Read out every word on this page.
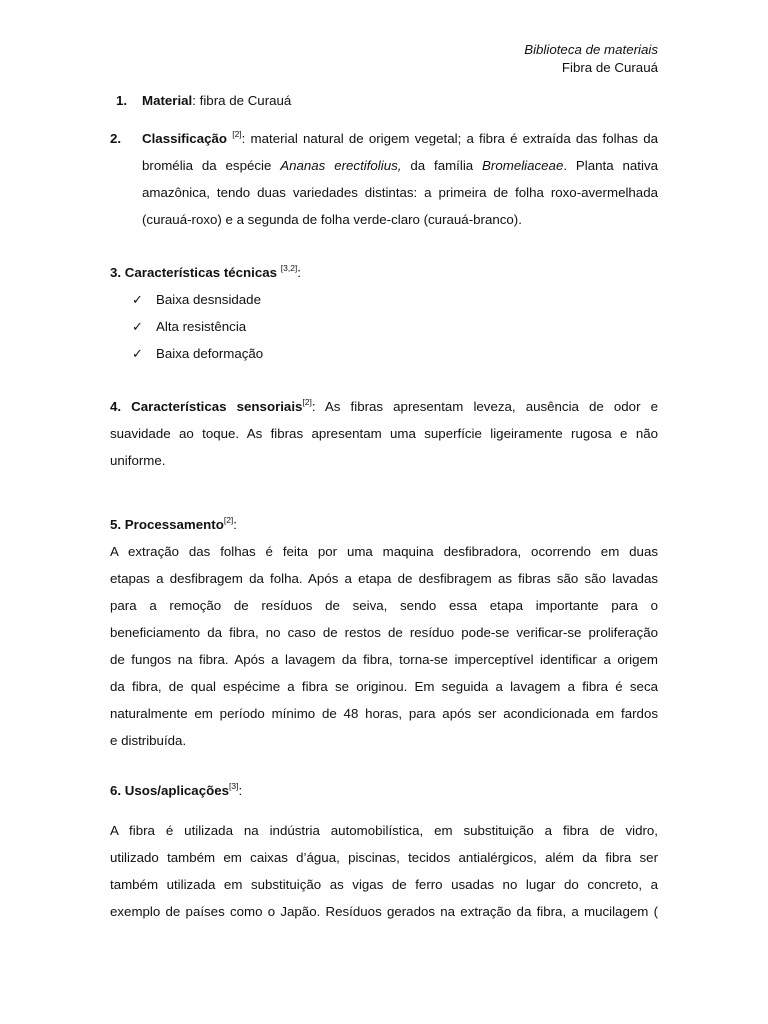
Biblioteca de materiais
Fibra de Curauá
1. Material: fibra de Curauá
2. Classificação [2]: material natural de origem vegetal; a fibra é extraída das folhas da
bromélia da espécie Ananas erectifolius, da família Bromeliaceae. Planta nativa
amazônica, tendo duas variedades distintas: a primeira de folha roxo-avermelhada
(curauá-roxo) e a segunda de folha verde-claro (curauá-branco).
3. Características técnicas [3,2]:
✓ Baixa desnsidade
✓ Alta resistência
✓ Baixa deformação
4. Características sensoriais[2]: As fibras apresentam leveza, ausência de odor e
suavidade ao toque. As fibras apresentam uma superfície ligeiramente rugosa e não
uniforme.
5. Processamento[2]:
A extração das folhas é feita por uma maquina desfibradora, ocorrendo em duas
etapas a desfibragem da folha. Após a etapa de desfibragem as fibras são são lavadas
para a remoção de resíduos de seiva, sendo essa etapa importante para o
beneficiamento da fibra, no caso de restos de resíduo pode-se verificar-se proliferação
de fungos na fibra. Após a lavagem da fibra, torna-se imperceptível identificar a origem
da fibra, de qual espécime a fibra se originou. Em seguida a lavagem a fibra é seca
naturalmente em período mínimo de 48 horas, para após ser acondicionada em fardos
e distribuída.
6. Usos/aplicações[3]:
A fibra é utilizada na indústria automobilística, em substituição a fibra de vidro,
utilizado também em caixas d’água, piscinas, tecidos antialérgicos, além da fibra ser
também utilizada em substituição as vigas de ferro usadas no lugar do concreto, a
exemplo de países como o Japão. Resíduos gerados na extração da fibra, a mucilagem (
